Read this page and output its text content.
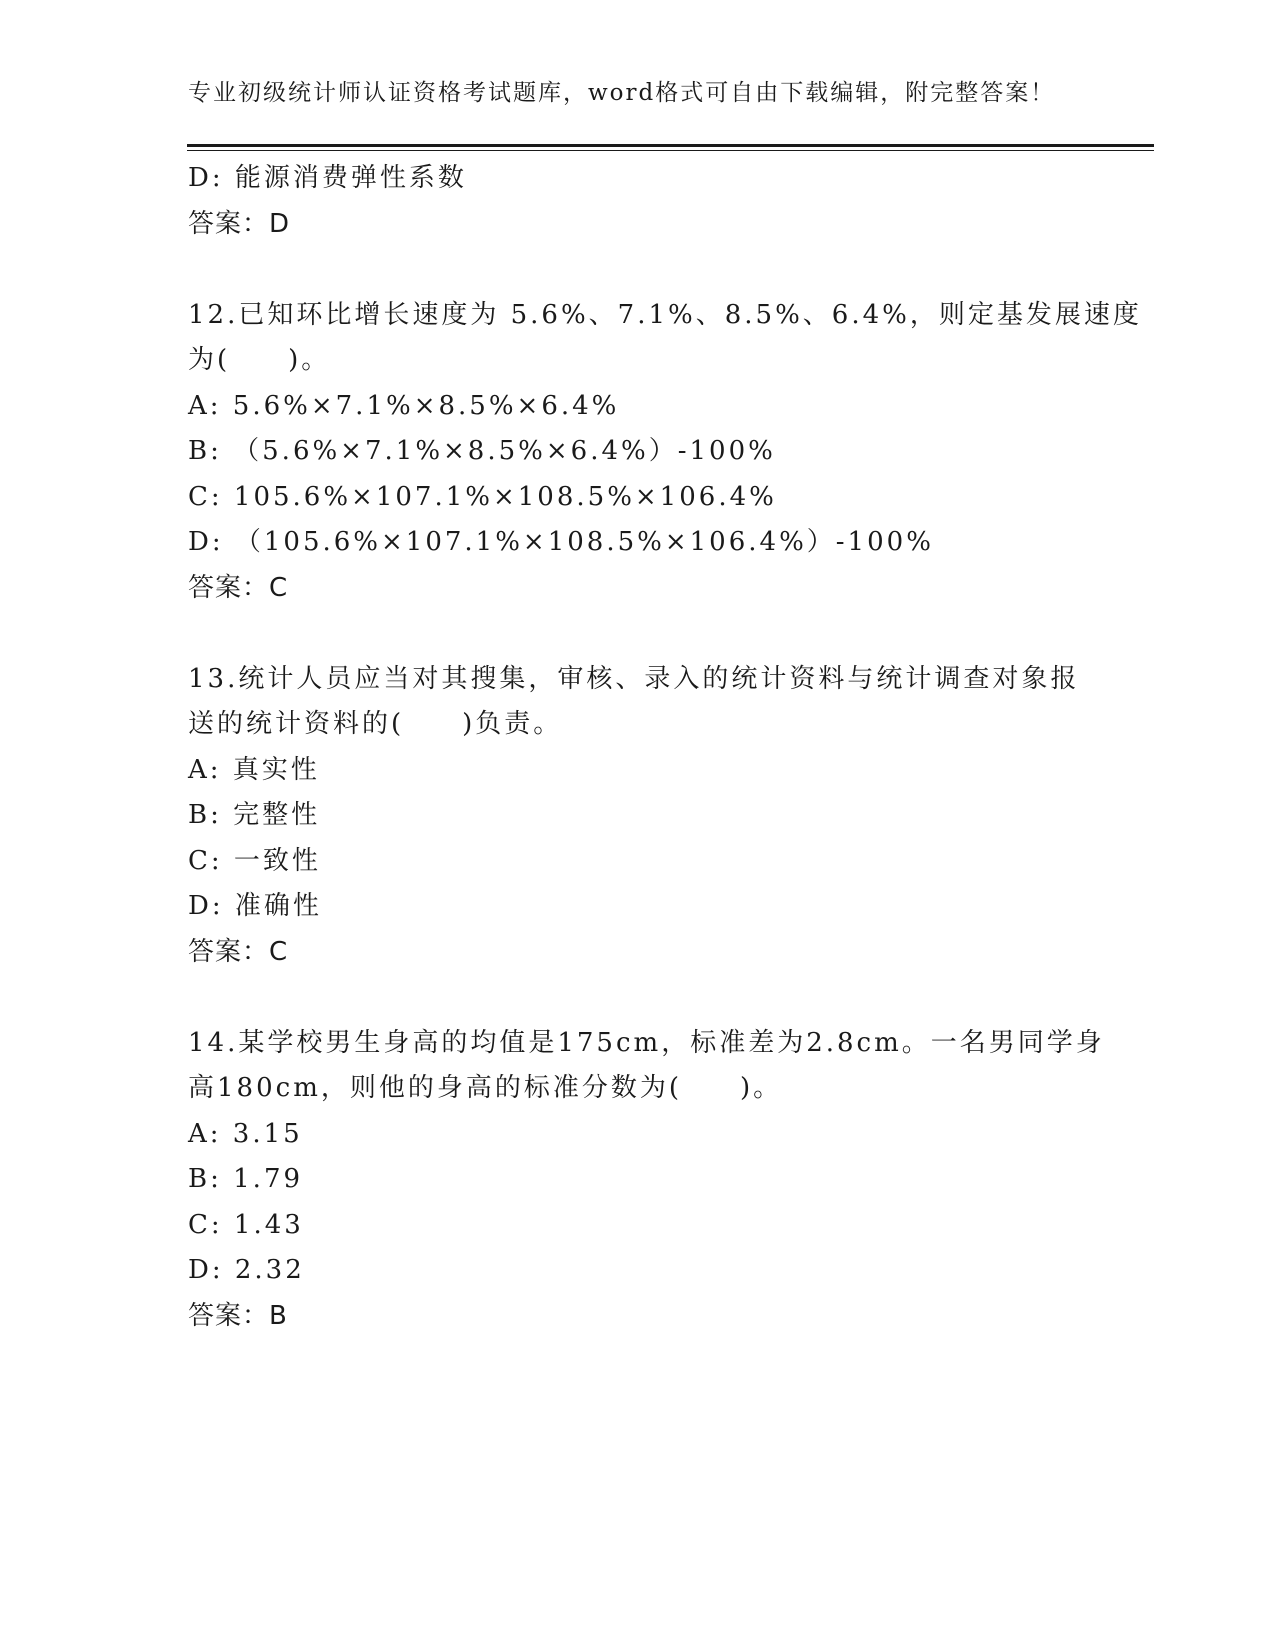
专业初级统计师认证资格考试题库，word格式可自由下载编辑，附完整答案！
D: 能源消费弹性系数
答案：D
12.已知环比增长速度为 5.6%、7.1%、8.5%、6.4%，则定基发展速度
为(　　)。
A: 5.6%×7.1%×8.5%×6.4%
B: （5.6%×7.1%×8.5%×6.4%）-100%
C: 105.6%×107.1%×108.5%×106.4%
D: （105.6%×107.1%×108.5%×106.4%）-100%
答案：C
13.统计人员应当对其搜集，审核、录入的统计资料与统计调查对象报
送的统计资料的(　　)负责。
A: 真实性
B: 完整性
C: 一致性
D: 准确性
答案：C
14.某学校男生身高的均值是175cm，标准差为2.8cm。一名男同学身
高180cm，则他的身高的标准分数为(　　)。
A: 3.15
B: 1.79
C: 1.43
D: 2.32
答案：B
